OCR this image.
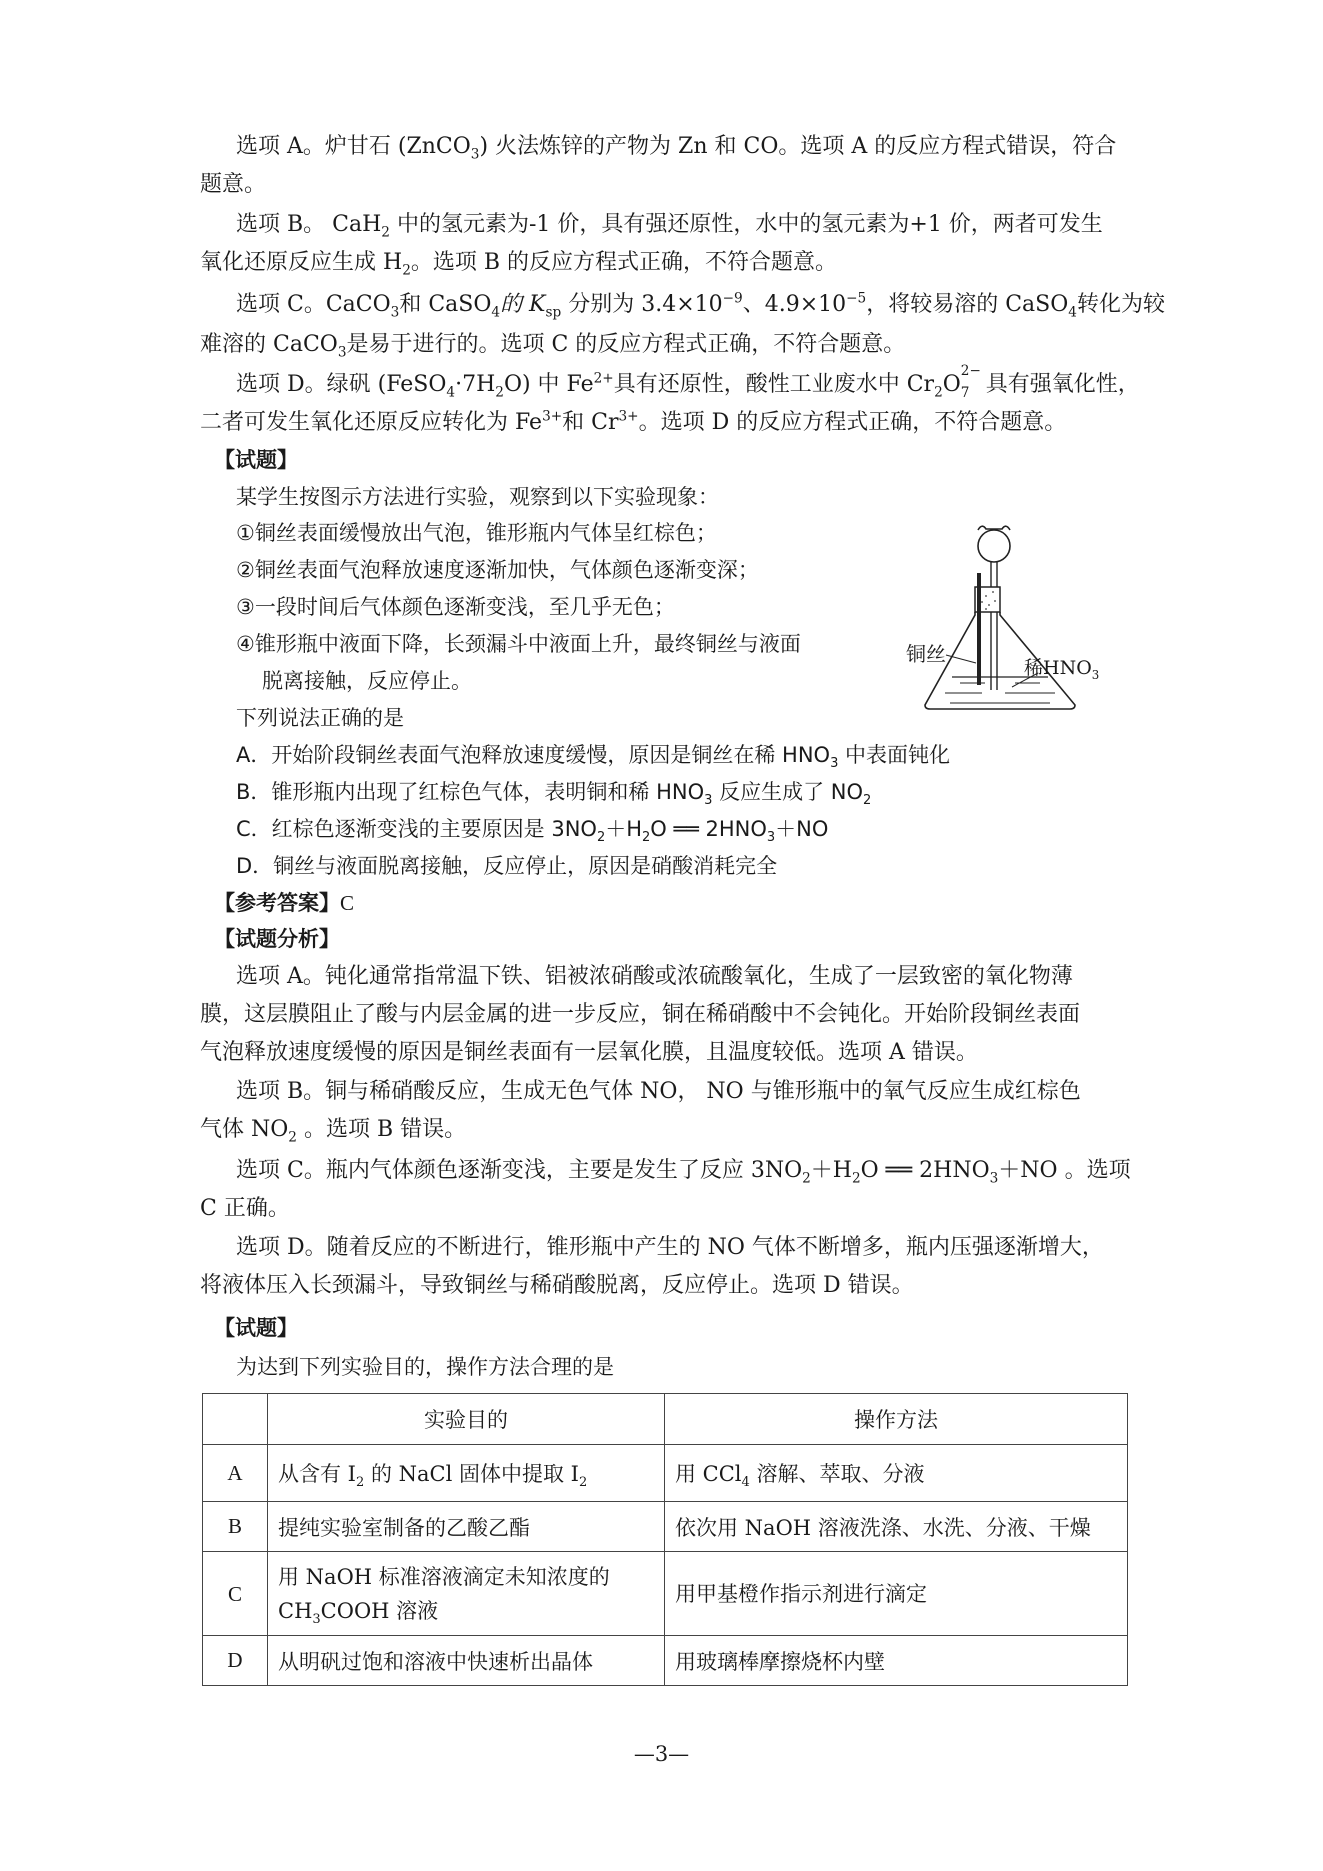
选项 A。炉甘石 (ZnCO$_3$) 火法炼锌的产物为 Zn 和 CO。选项 A 的反应方程式错误，符合
题意。
选项 B。 CaH$_2$ 中的氢元素为-1 价，具有强还原性，水中的氢元素为+1 价，两者可发生
氧化还原反应生成 $H_2$。选项 B 的反应方程式正确，不符合题意。
选项 C。CaCO$_3$和 CaSO$_4$的 $K_{sp}$ 分别为 $3.4\times 10^{-9}$、$4.9\times 10^{-5}$，将较易溶的 CaSO$_4$转化为较
难溶的 CaCO$_3$是易于进行的。选项 C 的反应方程式正确，不符合题意。
选项 D。绿矾 $(FeSO_4\cdot 7H_2O)$ 中 $Fe^{2+}$具有还原性，酸性工业废水中 $Cr_2O$
2−
7 具有强氧化性，
二者可发生氧化还原反应转化为 $Fe^{3+}$和 $Cr^{3+}$。选项 D 的反应方程式正确，不符合题意。
【试题】
某学生按图示方法进行实验，观察到以下实验现象：
①铜丝表面缓慢放出气泡，锥形瓶内气体呈红棕色；
②铜丝表面气泡释放速度逐渐加快，气体颜色逐渐变深；
③一段时间后气体颜色逐渐变浅，至几乎无色；
④锥形瓶中液面下降，长颈漏斗中液面上升，最终铜丝与液面
脱离接触，反应停止。
铜丝
稀$HNO_3$
下列说法正确的是
A．开始阶段铜丝表面气泡释放速度缓慢，原因是铜丝在稀 $HNO_3$ 中表面钝化
B．锥形瓶内出现了红棕色气体，表明铜和稀 $HNO_3$ 反应生成了 $NO_2$
C．红棕色逐渐变浅的主要原因是 $3NO_2+H_2O$ ══ $2HNO_3+NO$
D．铜丝与液面脱离接触，反应停止，原因是硝酸消耗完全
【参考答案】C
【试题分析】
选项 A。钝化通常指常温下铁、铝被浓硝酸或浓硫酸氧化，生成了一层致密的氧化物薄
膜，这层膜阻止了酸与内层金属的进一步反应，铜在稀硝酸中不会钝化。开始阶段铜丝表面
气泡释放速度缓慢的原因是铜丝表面有一层氧化膜，且温度较低。选项 A 错误。
选项 B。铜与稀硝酸反应，生成无色气体 NO， NO 与锥形瓶中的氧气反应生成红棕色
气体 $NO_2$ 。选项 B 错误。
选项 C。瓶内气体颜色逐渐变浅，主要是发生了反应 $3NO_2+H_2O$ ══ $2HNO_3+NO$ 。选项
C 正确。
选项 D。随着反应的不断进行，锥形瓶中产生的 NO 气体不断增多，瓶内压强逐渐增大，
将液体压入长颈漏斗，导致铜丝与稀硝酸脱离，反应停止。选项 D 错误。
【试题】
为达到下列实验目的，操作方法合理的是
	实验目的	操作方法
A	从含有 $I_2$ 的 NaCl 固体中提取 $I_2$	用 CCl$_4$ 溶解、萃取、分液
B	提纯实验室制备的乙酸乙酯	依次用 NaOH 溶液洗涤、水洗、分液、干燥
C	用 NaOH 标准溶液滴定未知浓度的
$CH_3COOH$ 溶液	用甲基橙作指示剂进行滴定
D	从明矾过饱和溶液中快速析出晶体	用玻璃棒摩擦烧杯内壁
—3—
